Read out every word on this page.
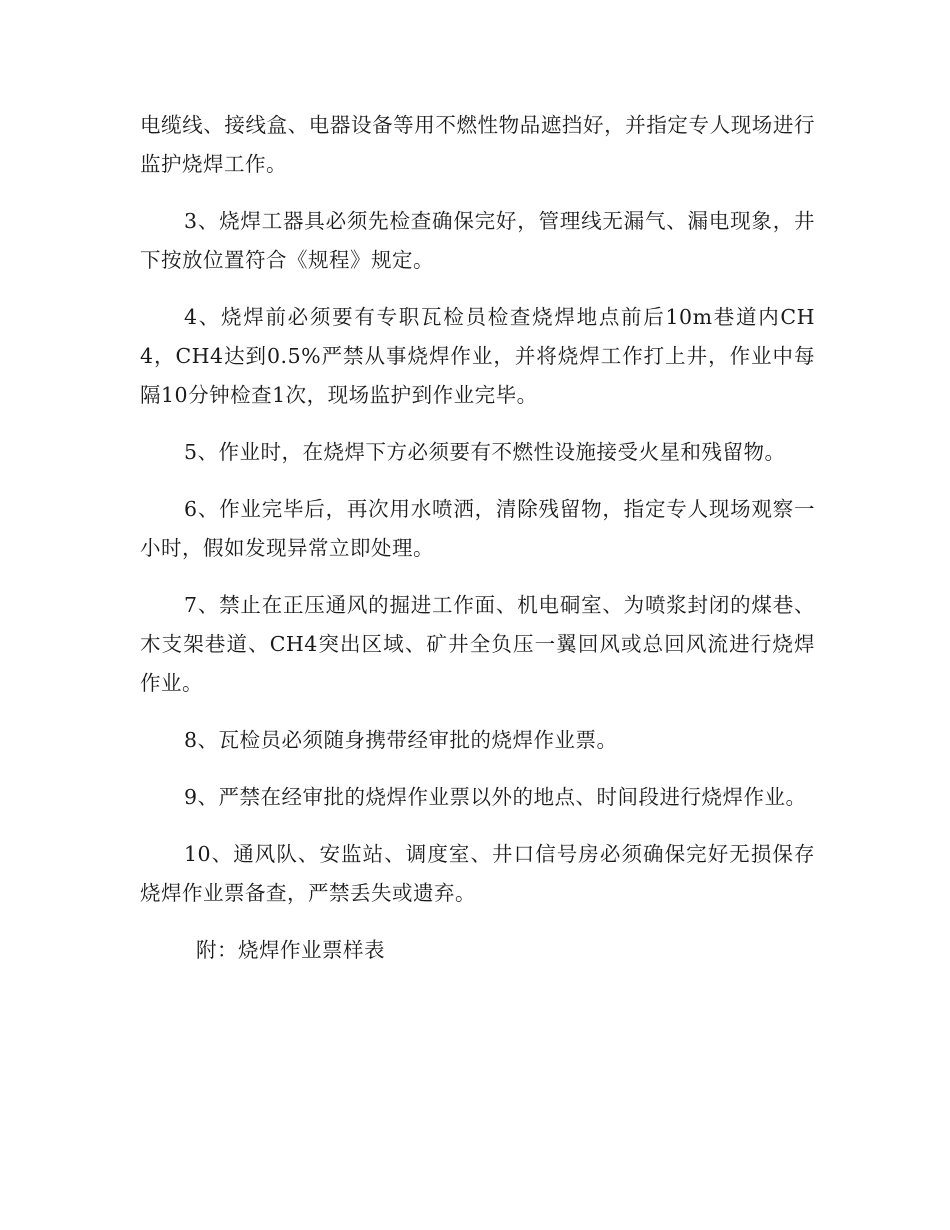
电缆线、接线盒、电器设备等用不燃性物品遮挡好，并指定专人现场进行监护烧焊工作。

3、烧焊工器具必须先检查确保完好，管理线无漏气、漏电现象，井下按放位置符合《规程》规定。

4、烧焊前必须要有专职瓦检员检查烧焊地点前后10m巷道内CH4，CH4达到0.5%严禁从事烧焊作业，并将烧焊工作打上井，作业中每隔10分钟检查1次，现场监护到作业完毕。

5、作业时，在烧焊下方必须要有不燃性设施接受火星和残留物。

6、作业完毕后，再次用水喷洒，清除残留物，指定专人现场观察一小时，假如发现异常立即处理。

7、禁止在正压通风的掘进工作面、机电硐室、为喷浆封闭的煤巷、木支架巷道、CH4突出区域、矿井全负压一翼回风或总回风流进行烧焊作业。

8、瓦检员必须随身携带经审批的烧焊作业票。

9、严禁在经审批的烧焊作业票以外的地点、时间段进行烧焊作业。

10、通风队、安监站、调度室、井口信号房必须确保完好无损保存烧焊作业票备查，严禁丢失或遗弃。

附：烧焊作业票样表
